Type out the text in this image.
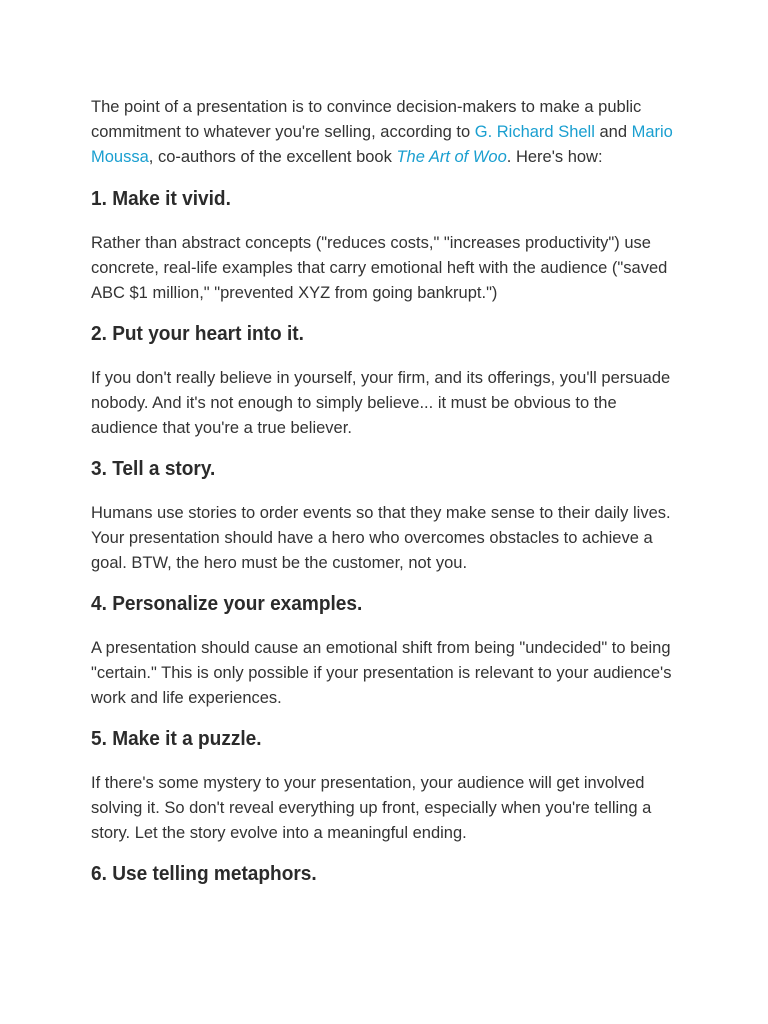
The point of a presentation is to convince decision-makers to make a public commitment to whatever you're selling, according to G. Richard Shell and Mario Moussa, co-authors of the excellent book The Art of Woo. Here's how:

1. Make it vivid.

Rather than abstract concepts ("reduces costs," "increases productivity") use concrete, real-life examples that carry emotional heft with the audience ("saved ABC $1 million," "prevented XYZ from going bankrupt.")

2. Put your heart into it.

If you don't really believe in yourself, your firm, and its offerings, you'll persuade nobody. And it's not enough to simply believe... it must be obvious to the audience that you're a true believer.

3. Tell a story.

Humans use stories to order events so that they make sense to their daily lives. Your presentation should have a hero who overcomes obstacles to achieve a goal. BTW, the hero must be the customer, not you.

4. Personalize your examples.

A presentation should cause an emotional shift from being "undecided" to being "certain." This is only possible if your presentation is relevant to your audience's work and life experiences.

5. Make it a puzzle.

If there's some mystery to your presentation, your audience will get involved solving it. So don't reveal everything up front, especially when you're telling a story. Let the story evolve into a meaningful ending.

6. Use telling metaphors.
